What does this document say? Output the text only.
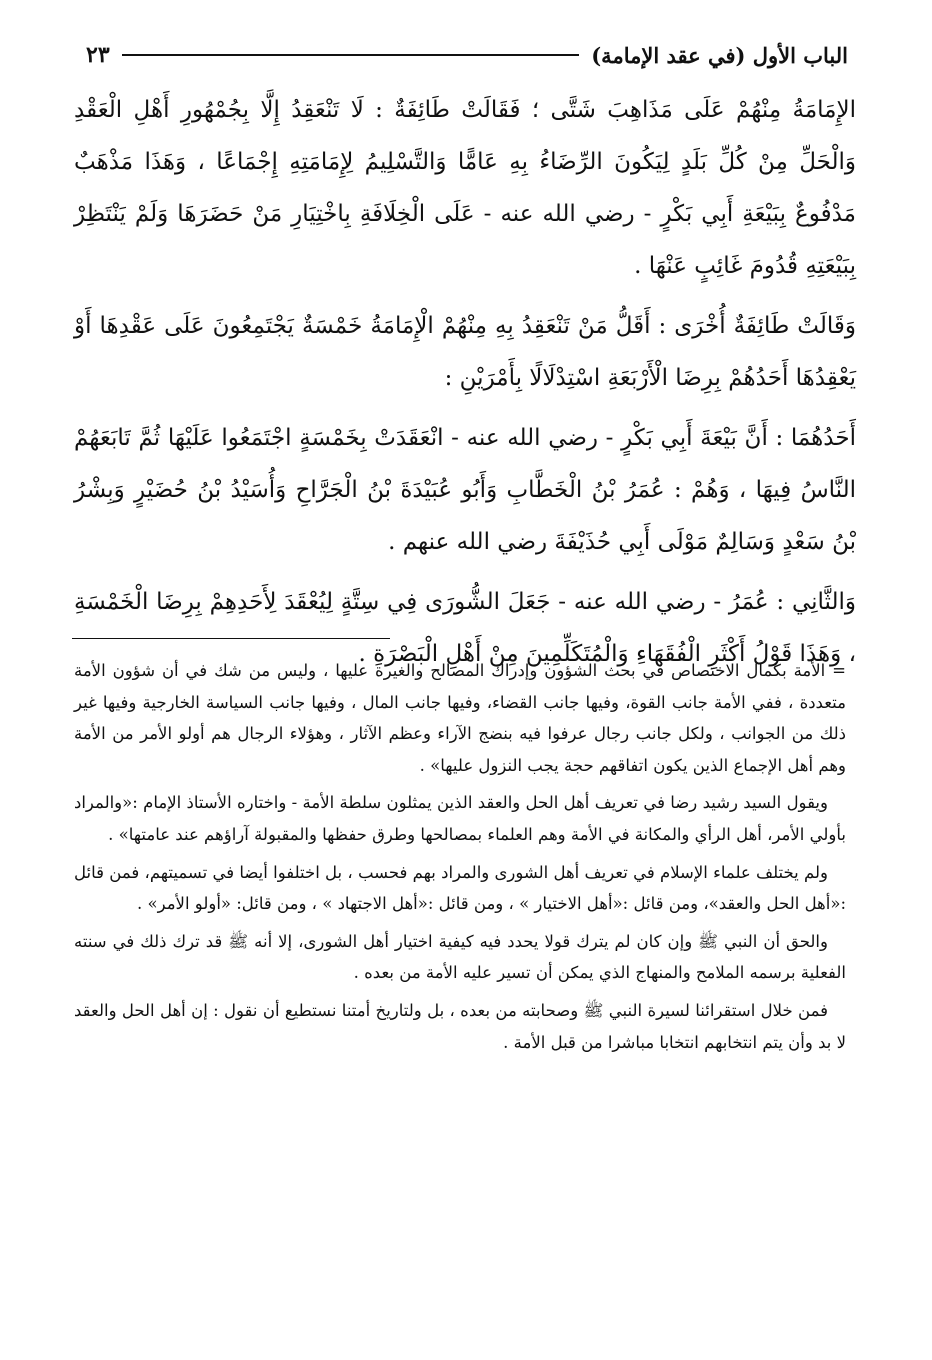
الباب الأول (في عقد الإمامة)
٢٣

الإِمَامَةُ مِنْهُمْ عَلَى مَذَاهِبَ شَتَّى ؛ فَقَالَتْ طَائِفَةٌ : لَا تَنْعَقِدُ إِلَّا بِجُمْهُورِ أَهْلِ الْعَقْدِ وَالْحَلِّ مِنْ كُلِّ بَلَدٍ لِيَكُونَ الرِّضَاءُ بِهِ عَامًّا وَالتَّسْلِيمُ لِإِمَامَتِهِ إِجْمَاعًا ، وَهَذَا مَذْهَبٌ مَدْفُوعٌ بِبَيْعَةِ أَبِي بَكْرٍ - رضي الله عنه - عَلَى الْخِلَافَةِ بِاخْتِيَارِ مَنْ حَضَرَهَا وَلَمْ يَنْتَظِرْ بِبَيْعَتِهِ قُدُومَ غَائِبٍ عَنْهَا .

وَقَالَتْ طَائِفَةٌ أُخْرَى : أَقَلُّ مَنْ تَنْعَقِدُ بِهِ مِنْهُمْ الْإِمَامَةُ خَمْسَةٌ يَجْتَمِعُونَ عَلَى عَقْدِهَا أَوْ يَعْقِدُهَا أَحَدُهُمْ بِرِضَا الْأَرْبَعَةِ اسْتِدْلَالًا بِأَمْرَيْنِ :

أَحَدُهُمَا : أَنَّ بَيْعَةَ أَبِي بَكْرٍ - رضي الله عنه - انْعَقَدَتْ بِخَمْسَةٍ اجْتَمَعُوا عَلَيْهَا ثُمَّ تَابَعَهُمْ النَّاسُ فِيهَا ، وَهُمْ : عُمَرُ بْنُ الْخَطَّابِ وَأَبُو عُبَيْدَةَ بْنُ الْجَرَّاحِ وَأُسَيْدُ بْنُ حُضَيْرٍ وَبِشْرُ بْنُ سَعْدٍ وَسَالِمٌ مَوْلَى أَبِي حُذَيْفَةَ رضي الله عنهم .

وَالثَّانِي : عُمَرُ - رضي الله عنه - جَعَلَ الشُّورَى فِي سِتَّةٍ لِيُعْقَدَ لِأَحَدِهِمْ بِرِضَا الْخَمْسَةِ ، وَهَذَا قَوْلُ أَكْثَرِ الْفُقَهَاءِ وَالْمُتَكَلِّمِينَ مِنْ أَهْلِ الْبَصْرَةِ .

= الأمة بكمال الاختصاص في بحث الشؤون وإدراك المصالح والغيرة عليها ، وليس من شك في أن شؤون الأمة متعددة ، ففي الأمة جانب القوة، وفيها جانب القضاء، وفيها جانب المال ، وفيها جانب السياسة الخارجية وفيها غير ذلك من الجوانب ، ولكل جانب رجال عرفوا فيه بنضج الآراء وعظم الآثار ، وهؤلاء الرجال هم أولو الأمر من الأمة وهم أهل الإجماع الذين يكون اتفاقهم حجة يجب النزول عليها» .

ويقول السيد رشيد رضا في تعريف أهل الحل والعقد الذين يمثلون سلطة الأمة - واختاره الأستاذ الإمام :«والمراد بأولي الأمر، أهل الرأي والمكانة في الأمة وهم العلماء بمصالحها وطرق حفظها والمقبولة آراؤهم عند عامتها» .

ولم يختلف علماء الإسلام في تعريف أهل الشورى والمراد بهم فحسب ، بل اختلفوا أيضا في تسميتهم، فمن قائل :«أهل الحل والعقد»، ومن قائل :«أهل الاختيار » ، ومن قائل :«أهل الاجتهاد » ، ومن قائل: «أولو الأمر» .

والحق أن النبي ﷺ وإن كان لم يترك قولا يحدد فيه كيفية اختيار أهل الشورى، إلا أنه ﷺ قد ترك ذلك في سنته الفعلية برسمه الملامح والمنهاج الذي يمكن أن تسير عليه الأمة من بعده .

فمن خلال استقرائنا لسيرة النبي ﷺ وصحابته من بعده ، بل ولتاريخ أمتنا نستطيع أن نقول : إن أهل الحل والعقد لا بد وأن يتم انتخابهم انتخابا مباشرا من قبل الأمة .
